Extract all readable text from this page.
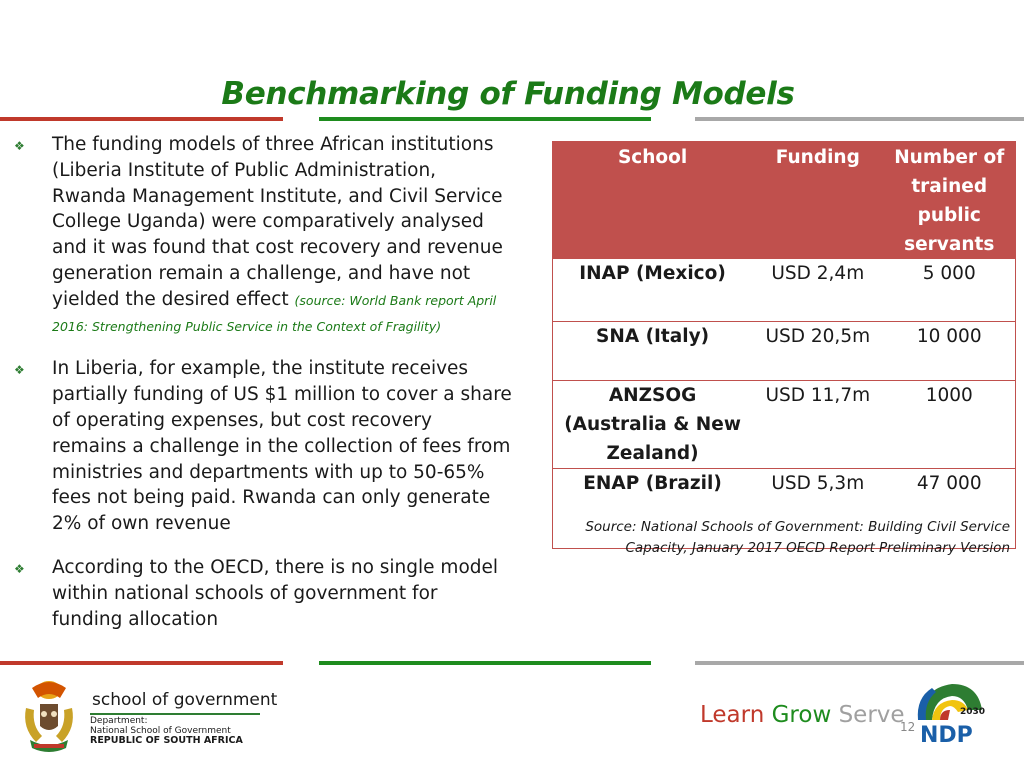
Benchmarking of Funding Models
❖ The funding models of three African institutions (Liberia Institute of Public Administration, Rwanda Management Institute, and Civil Service College Uganda) were comparatively analysed and it was found that cost recovery and revenue generation remain a challenge, and have not yielded the desired effect (source: World Bank report April 2016: Strengthening Public Service in the Context of Fragility)
❖ In Liberia, for example, the institute receives partially funding of US $1 million to cover a share of operating expenses, but cost recovery remains a challenge in the collection of fees from ministries and departments with up to 50-65% fees not being paid. Rwanda can only generate 2% of own revenue
❖ According to the OECD, there is no single model within national schools of government for funding allocation
School	Funding	Number of trained public servants
INAP (Mexico)	USD 2,4m	5 000
SNA (Italy)	USD 20,5m	10 000
ANZSOG (Australia & New Zealand)	USD 11,7m	1000
ENAP (Brazil)	USD 5,3m	47 000
Source: National Schools of Government: Building Civil Service Capacity, January 2017 OECD Report Preliminary Version
school of government
Department:
National School of Government
REPUBLIC OF SOUTH AFRICA
Learn Grow Serve
12
2030
NDP
